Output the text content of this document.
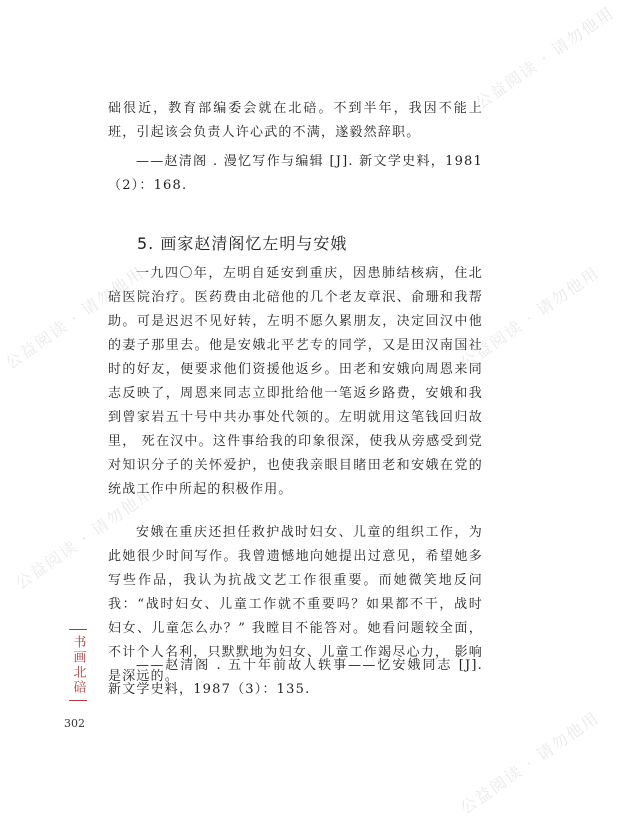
公益阅读 · 请勿他用
公益阅读 · 请勿他用	公益阅读 · 请勿他用
公益阅读 · 请勿他用
公益阅读 · 请勿他用

础很近，教育部编委会就在北碚。不到半年，我因不能上班，引起该会负责人许心武的不满，遂毅然辞职。

——赵清阁 . 漫忆写作与编辑 [J]. 新文学史料，1981（2）：168.

5. 画家赵清阁忆左明与安娥

一九四〇年，左明自延安到重庆，因患肺结核病，住北碚医院治疗。医药费由北碚他的几个老友章泯、俞珊和我帮助。可是迟迟不见好转，左明不愿久累朋友，决定回汉中他的妻子那里去。他是安娥北平艺专的同学，又是田汉南国社时的好友，便要求他们资援他返乡。田老和安娥向周恩来同志反映了，周恩来同志立即批给他一笔返乡路费，安娥和我到曾家岩五十号中共办事处代领的。左明就用这笔钱回归故里， 死在汉中。这件事给我的印象很深，使我从旁感受到党对知识分子的关怀爱护，也使我亲眼目睹田老和安娥在党的统战工作中所起的积极作用。

安娥在重庆还担任救护战时妇女、儿童的组织工作，为此她很少时间写作。我曾遗憾地向她提出过意见，希望她多写些作品，我认为抗战文艺工作很重要。而她微笑地反问我：“战时妇女、儿童工作就不重要吗？如果都不干，战时妇女、儿童怎么办？” 我瞠目不能答对。她看问题较全面，不计个人名利，只默默地为妇女、儿童工作竭尽心力， 影响是深远的。

——赵清阁 . 五十年前故人轶事——忆安娥同志 [J]. 新文学史料，1987（3）：135.

书画北碚
302
